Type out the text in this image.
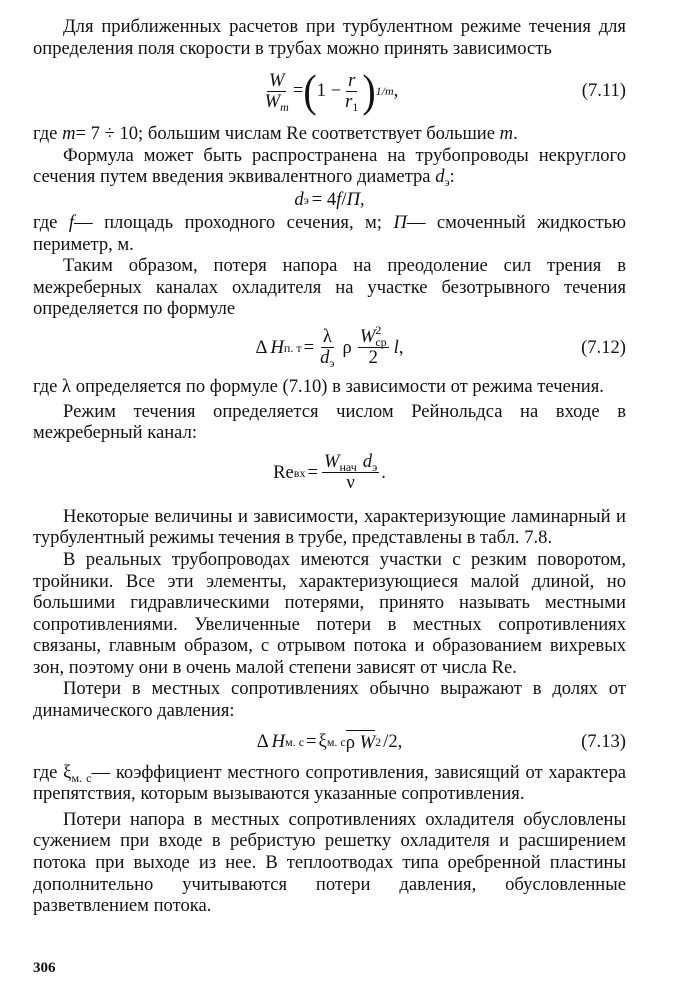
Для приближенных расчетов при турбулентном режиме течения для определения поля скорости в трубах можно принять зависимость

$\frac{W}{W_m}$ = ( $1 - \frac{r}{r_1}$ ) 1/m ,	(7.11)

где m= 7 ÷ 10; большим числам Re соответствует большие m.

Формула может быть распространена на трубопроводы некруглого сечения путем введения эквивалентного диаметра $d_э$:

d э = 4 f / П ,

где f— площадь проходного сечения, м; П— смоченный жидкостью периметр, м.

Таким образом, потеря напора на преодоление сил трения в межреберных каналах охладителя на участке безотрывного течения определяется по формуле

Δ H п. $т = \frac{\lambda}{d_э}$ ρ $\frac{W^2_{ср}}{2}$ l ,	(7.12)

где λ определяется по формуле (7.10) в зависимости от режима течения.

Режим течения определяется числом Рейнольдса на входе в межреберный канал:

Re вх = $\frac{W_{нач} d_э}{\nu}$ .

Некоторые величины и зависимости, характеризующие ламинарный и турбулентный режимы течения в трубе, представлены в табл. 7.8.

В реальных трубопроводах имеются участки с резким поворотом, тройники. Все эти элементы, характеризующиеся малой длиной, но большими гидравлическими потерями, принято называть местными сопротивлениями. Увеличенные потери в местных сопротивлениях связаны, главным образом, с отрывом потока и образованием вихревых зон, поэтому они в очень малой степени зависят от числа Re.

Потери в местных сопротивлениях обычно выражают в долях от динамического давления:

Δ H м. с = ξ м. с ρ W 2 /2,	(7.13)

где $\xi_{м. с}—$ коэффициент местного сопротивления, зависящий от характера препятствия, которым вызываются указанные сопротивления.

Потери напора в местных сопротивлениях охладителя обусловлены сужением при входе в ребристую решетку охладителя и расширением потока при выходе из нее. В теплоотводах типа оребренной пластины дополнительно учитываются потери давления, обусловленные разветвлением потока.

306
